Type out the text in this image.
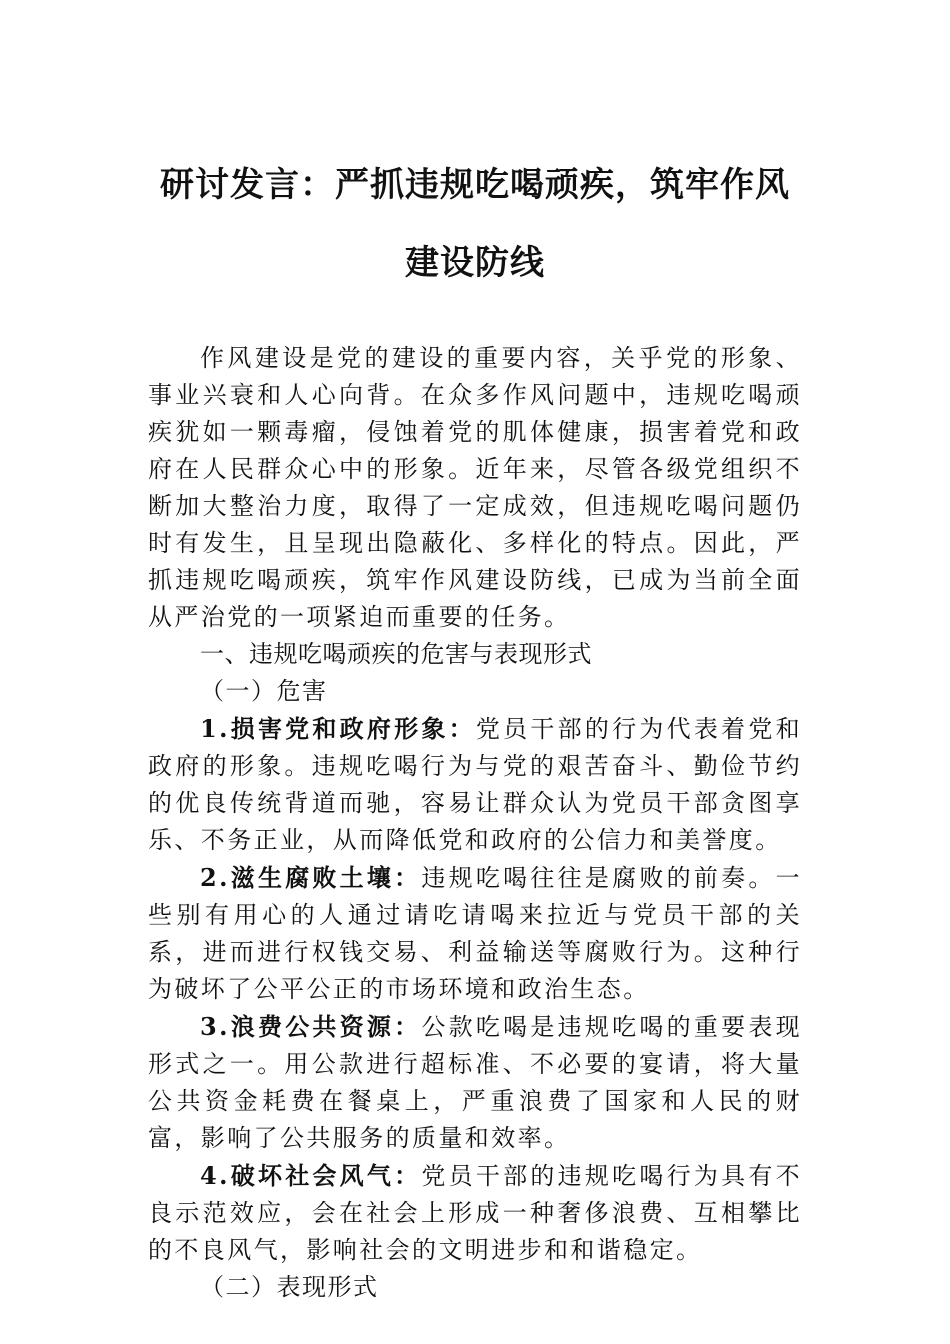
研讨发言：严抓违规吃喝顽疾，筑牢作风
建设防线

作风建设是党的建设的重要内容，关乎党的形象、事业兴衰和人心向背。在众多作风问题中，违规吃喝顽疾犹如一颗毒瘤，侵蚀着党的肌体健康，损害着党和政府在人民群众心中的形象。近年来，尽管各级党组织不断加大整治力度，取得了一定成效，但违规吃喝问题仍时有发生，且呈现出隐蔽化、多样化的特点。因此，严抓违规吃喝顽疾，筑牢作风建设防线，已成为当前全面从严治党的一项紧迫而重要的任务。

一、违规吃喝顽疾的危害与表现形式

（一）危害

1.损害党和政府形象：党员干部的行为代表着党和政府的形象。违规吃喝行为与党的艰苦奋斗、勤俭节约的优良传统背道而驰，容易让群众认为党员干部贪图享乐、不务正业，从而降低党和政府的公信力和美誉度。

2.滋生腐败土壤：违规吃喝往往是腐败的前奏。一些别有用心的人通过请吃请喝来拉近与党员干部的关系，进而进行权钱交易、利益输送等腐败行为。这种行为破坏了公平公正的市场环境和政治生态。

3.浪费公共资源：公款吃喝是违规吃喝的重要表现形式之一。用公款进行超标准、不必要的宴请，将大量公共资金耗费在餐桌上，严重浪费了国家和人民的财富，影响了公共服务的质量和效率。

4.破坏社会风气：党员干部的违规吃喝行为具有不良示范效应，会在社会上形成一种奢侈浪费、互相攀比的不良风气，影响社会的文明进步和和谐稳定。

（二）表现形式
